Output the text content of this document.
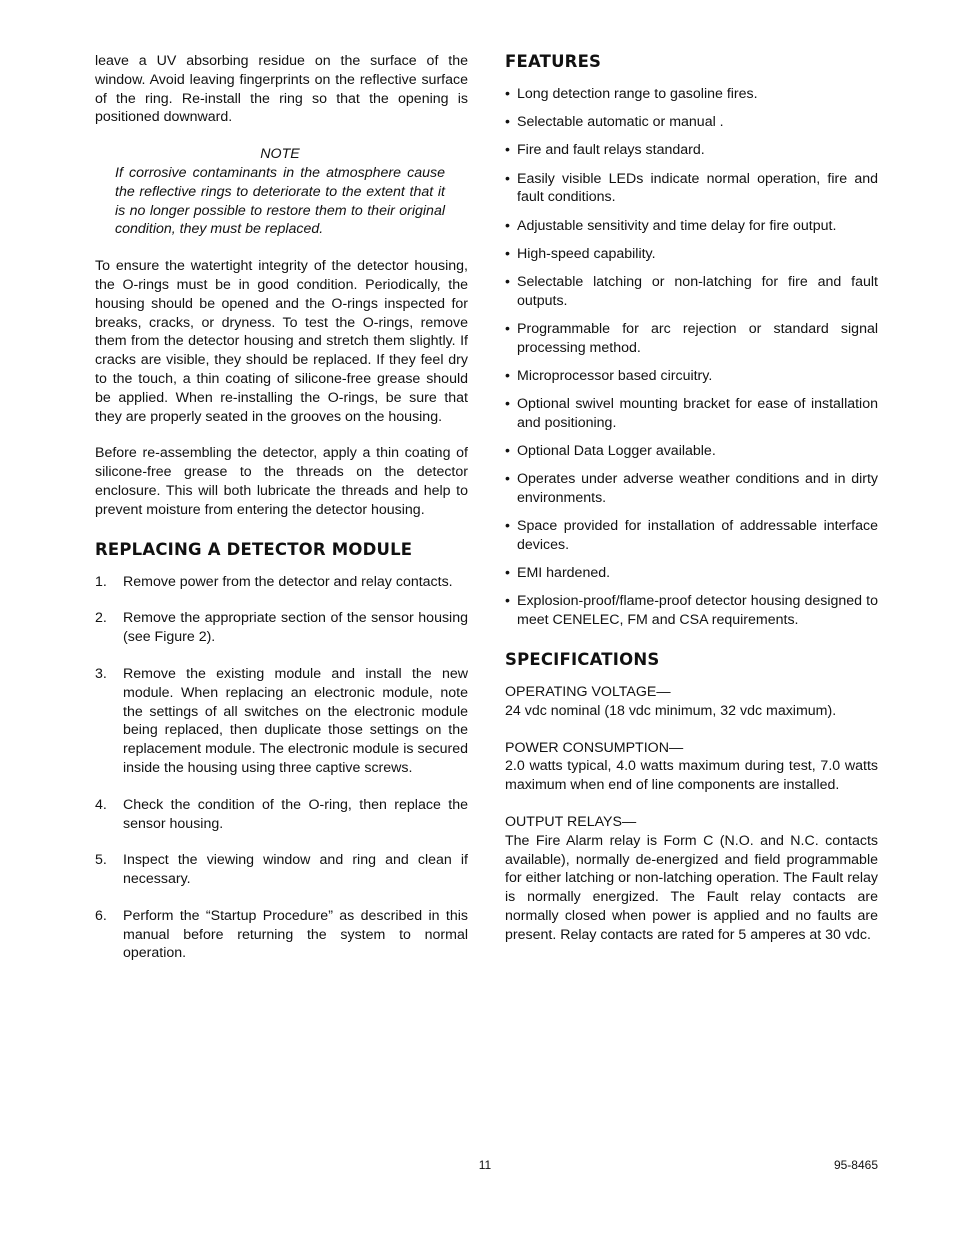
leave a UV absorbing residue on the surface of the window. Avoid leaving fingerprints on the reflective surface of the ring. Re-install the ring so that the opening is positioned downward.

NOTE
If corrosive contaminants in the atmosphere cause the reflective rings to deteriorate to the extent that it is no longer possible to restore them to their original condition, they must be replaced.

To ensure the watertight integrity of the detector housing, the O-rings must be in good condition. Periodically, the housing should be opened and the O-rings inspected for breaks, cracks, or dryness. To test the O-rings, remove them from the detector housing and stretch them slightly. If cracks are visible, they should be replaced. If they feel dry to the touch, a thin coating of silicone-free grease should be applied. When re-installing the O-rings, be sure that they are properly seated in the grooves on the housing.

Before re-assembling the detector, apply a thin coating of silicone-free grease to the threads on the detector enclosure. This will both lubricate the threads and help to prevent moisture from entering the detector housing.

REPLACING A DETECTOR MODULE
1. Remove power from the detector and relay contacts.
2. Remove the appropriate section of the sensor housing (see Figure 2).
3. Remove the existing module and install the new module. When replacing an electronic module, note the settings of all switches on the electronic module being replaced, then duplicate those settings on the replacement module. The electronic module is secured inside the housing using three captive screws.
4. Check the condition of the O-ring, then replace the sensor housing.
5. Inspect the viewing window and ring and clean if necessary.
6. Perform the “Startup Procedure” as described in this manual before returning the system to normal operation.
FEATURES
• Long detection range to gasoline fires.
• Selectable automatic or manual .
• Fire and fault relays standard.
• Easily visible LEDs indicate normal operation, fire and fault conditions.
• Adjustable sensitivity and time delay for fire output.
• High-speed capability.
• Selectable latching or non-latching for fire and fault outputs.
• Programmable for arc rejection or standard signal processing method.
• Microprocessor based circuitry.
• Optional swivel mounting bracket for ease of installation and positioning.
• Optional Data Logger available.
• Operates under adverse weather conditions and in dirty environments.
• Space provided for installation of addressable interface devices.
• EMI hardened.
• Explosion-proof/flame-proof detector housing designed to meet CENELEC, FM and CSA requirements.
SPECIFICATIONS
OPERATING VOLTAGE—

24 vdc nominal (18 vdc minimum, 32 vdc maximum).

POWER CONSUMPTION—

2.0 watts typical, 4.0 watts maximum during test, 7.0 watts maximum when end of line components are installed.

OUTPUT RELAYS—

The Fire Alarm relay is Form C (N.O. and N.C. contacts available), normally de-energized and field programmable for either latching or non-latching operation. The Fault relay is normally energized. The Fault relay contacts are normally closed when power is applied and no faults are present. Relay contacts are rated for 5 amperes at 30 vdc.

11	95-8465
